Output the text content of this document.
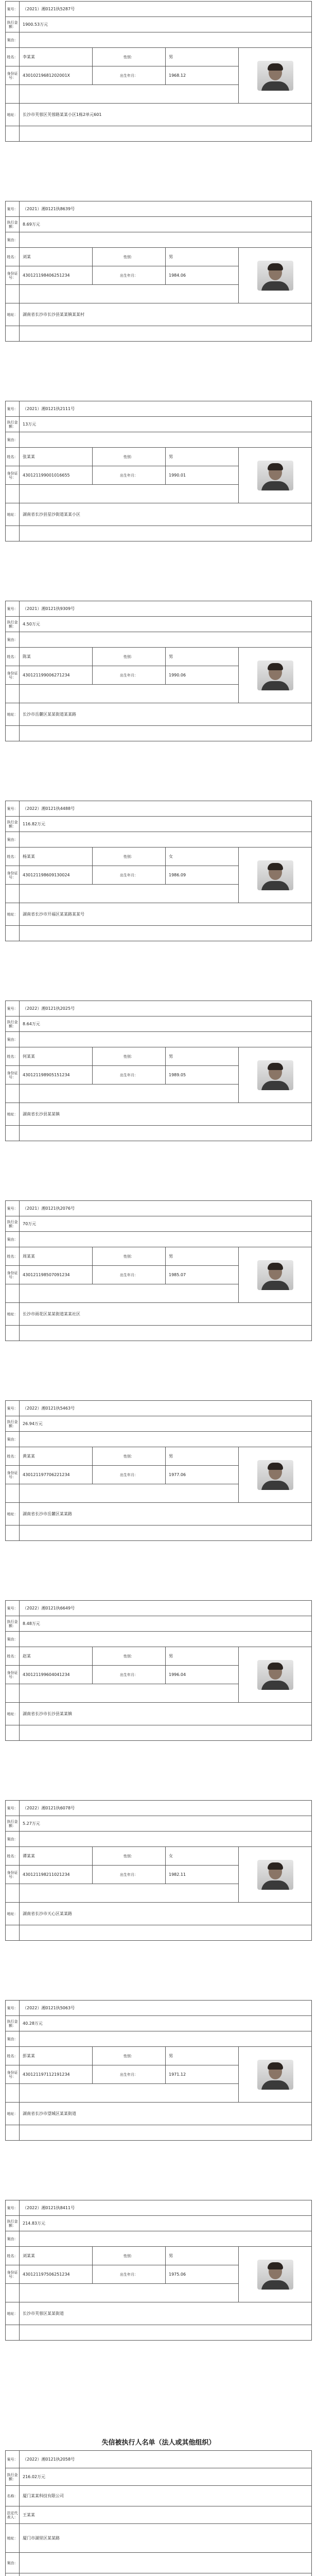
案号：	（2021）湘0121执5287号			
执行金额：	1900.53万元			
案由：				
姓名：	李某某	性别：	男	

身份证号：	43010219681202001X	出生年月：	1968.12	

地址：	长沙市芙蓉区芙蓉路某某小区1栋2单元601			

案号：	（2021）湘0121执8639号			
执行金额：	8.69万元			
案由：				
姓名：	刘某	性别：	男	

身份证号：	430121198406251234	出生年月：	1984.06	

地址：	湖南省长沙市长沙县某某镇某某村			

案号：	（2021）湘0121执2111号			
执行金额：	13万元			
案由：				
姓名：	张某某	性别：	男	

身份证号：	430121199001016655	出生年月：	1990.01	

地址：	湖南省长沙县星沙街道某某小区			

案号：	（2021）湘0121执9309号			
执行金额：	4.50万元			
案由：				
姓名：	陈某	性别：	男	

身份证号：	430121199006271234	出生年月：	1990.06	

地址：	长沙市岳麓区某某街道某某路			

案号：	（2022）湘0121执4488号			
执行金额：	116.82万元			
案由：				
姓名：	杨某某	性别：	女	

身份证号：	430121198609130024	出生年月：	1986.09	

地址：	湖南省长沙市开福区某某路某某号			

案号：	（2022）湘0121执2025号			
执行金额：	8.64万元			
案由：				
姓名：	何某某	性别：	男	

身份证号：	430121198905151234	出生年月：	1989.05	

地址：	湖南省长沙县某某镇			

案号：	（2021）湘0121执2076号			
执行金额：	70万元			
案由：				
姓名：	周某某	性别：	男	

身份证号：	430121198507091234	出生年月：	1985.07	

地址：	长沙市雨花区某某街道某某社区			

案号：	（2022）湘0121执5463号			
执行金额：	26.94万元			
案由：				
姓名：	黄某某	性别：	男	

身份证号：	430121197706221234	出生年月：	1977.06	

地址：	湖南省长沙市岳麓区某某路			

案号：	（2022）湘0121执6649号			
执行金额：	8.48万元			
案由：				
姓名：	赵某	性别：	男	

身份证号：	430121199604041234	出生年月：	1996.04	

地址：	湖南省长沙市长沙县某某镇			

案号：	（2022）湘0121执6078号			
执行金额：	5.27万元			
案由：				
姓名：	谭某某	性别：	女	

身份证号：	430121198211021234	出生年月：	1982.11	

地址：	湖南省长沙市天心区某某路			

案号：	（2022）湘0121执5063号			
执行金额：	40.28万元			
案由：				
姓名：	彭某某	性别：	男	

身份证号：	430121197112191234	出生年月：	1971.12	

地址：	湖南省长沙市望城区某某街道			

案号：	（2022）湘0121执8411号			
执行金额：	214.83万元			
案由：				
姓名：	刘某某	性别：	男	

身份证号：	430121197506251234	出生年月：	1975.06	

地址：	长沙市芙蓉区某某街道			

案号：	（2022）湘0121执2058号
执行金额：	216.02万元
名称：	厦门某某科技有限公司
法定代表人：	王某某
地址：	厦门市湖里区某某路
案由：	

失信被执行人名单（法人或其他组织）
